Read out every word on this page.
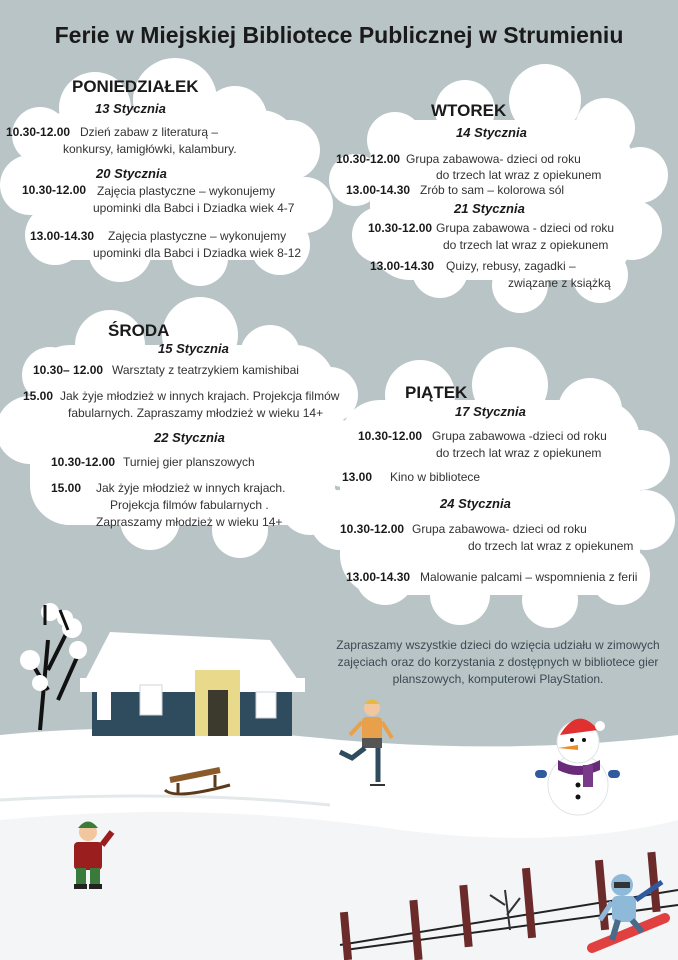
Ferie w Miejskiej Bibliotece Publicznej w Strumieniu
PONIEDZIAŁEK
13 Stycznia
10.30-12.00 Dzień zabaw z literaturą –
konkursy, łamigłówki, kalambury.
20 Stycznia
10.30-12.00 Zajęcia plastyczne – wykonujemy
upominki dla Babci i Dziadka wiek 4-7
13.00-14.30 Zajęcia plastyczne – wykonujemy
upominki dla Babci i Dziadka wiek 8-12
WTOREK
14 Stycznia
10.30-12.00 Grupa zabawowa- dzieci od roku
do trzech lat wraz z opiekunem
13.00-14.30 Zrób to sam – kolorowa sól
21 Stycznia
10.30-12.00 Grupa zabawowa - dzieci od roku
do trzech lat wraz z opiekunem
13.00-14.30 Quizy, rebusy, zagadki –
związane z książką
ŚRODA
15 Stycznia
10.30– 12.00 Warsztaty z teatrzykiem kamishibai
15.00 Jak żyje młodzież w innych krajach. Projekcja filmów
fabularnych. Zapraszamy młodzież w wieku 14+
22 Stycznia
10.30-12.00 Turniej gier planszowych
15.00 Jak żyje młodzież w innych krajach.
Projekcja filmów fabularnych .
Zapraszamy młodzież w wieku 14+
PIĄTEK
17 Stycznia
10.30-12.00 Grupa zabawowa -dzieci od roku
do trzech lat wraz z opiekunem
13.00 Kino w bibliotece
24 Stycznia
10.30-12.00 Grupa zabawowa- dzieci od roku
do trzech lat wraz z opiekunem
13.00-14.30 Malowanie palcami – wspomnienia z ferii
Zapraszamy wszystkie dzieci do wzięcia udziału w zimowych
zajęciach oraz do korzystania z dostępnych w bibliotece gier
planszowych, komputerowi PlayStation.
